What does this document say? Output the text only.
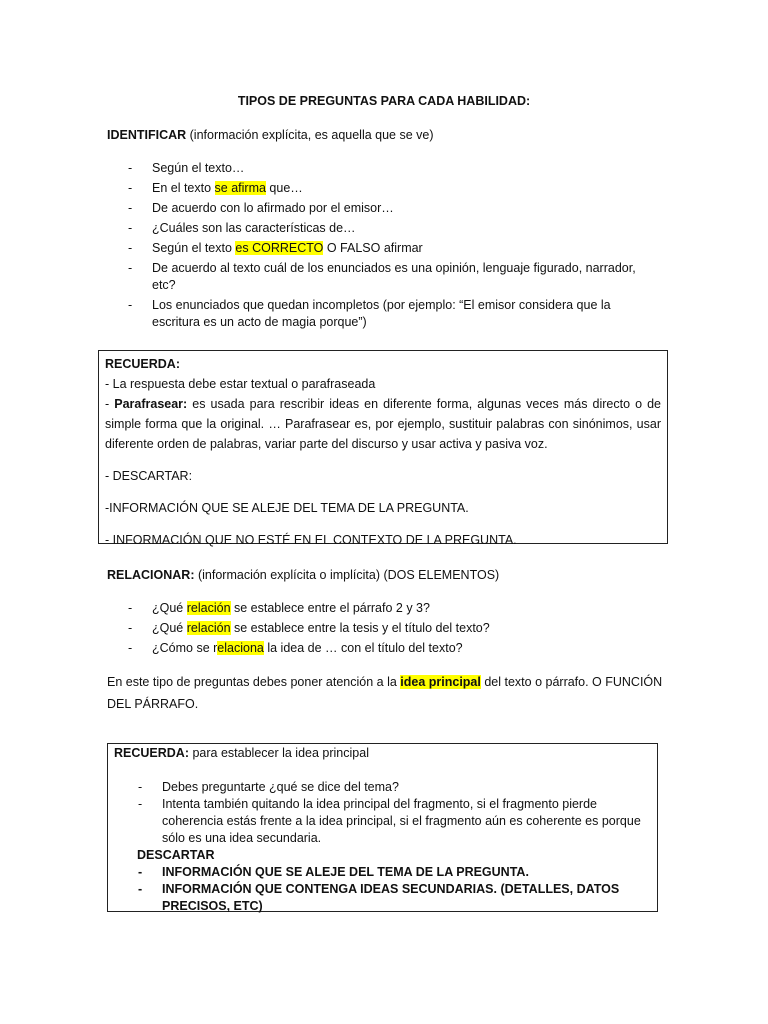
TIPOS DE PREGUNTAS PARA CADA HABILIDAD:
IDENTIFICAR (información explícita, es aquella que se ve)
- Según el texto…
- En el texto se afirma que…
- De acuerdo con lo afirmado por el emisor…
- ¿Cuáles son las características de…
- Según el texto es CORRECTO O FALSO afirmar
- De acuerdo al texto cuál de los enunciados es una opinión, lenguaje figurado, narrador, etc?
- Los enunciados que quedan incompletos (por ejemplo: “El emisor considera que la escritura es un acto de magia porque”)

RECUERDA:

- La respuesta debe estar textual o parafraseada

- Parafrasear: es usada para rescribir ideas en diferente forma, algunas veces más directo o de simple forma que la original. … Parafrasear es, por ejemplo, sustituir palabras con sinónimos, usar diferente orden de palabras, variar parte del discurso y usar activa y pasiva voz.

- DESCARTAR:

-INFORMACIÓN QUE SE ALEJE DEL TEMA DE LA PREGUNTA.

- INFORMACIÓN QUE NO ESTÉ EN EL CONTEXTO DE LA PREGUNTA.

RELACIONAR: (información explícita o implícita) (DOS ELEMENTOS)
- ¿Qué relación se establece entre el párrafo 2 y 3?
- ¿Qué relación se establece entre la tesis y el título del texto?
- ¿Cómo se relaciona la idea de … con el título del texto?
En este tipo de preguntas debes poner atención a la idea principal del texto o párrafo. O FUNCIÓN DEL PÁRRAFO.

RECUERDA: para establecer la idea principal

- Debes preguntarte ¿qué se dice del tema?
- Intenta también quitando la idea principal del fragmento, si el fragmento pierde coherencia estás frente a la idea principal, si el fragmento aún es coherente es porque sólo es una idea secundaria.

DESCARTAR

- INFORMACIÓN QUE SE ALEJE DEL TEMA DE LA PREGUNTA.
- INFORMACIÓN QUE CONTENGA IDEAS SECUNDARIAS. (DETALLES, DATOS PRECISOS, ETC)
